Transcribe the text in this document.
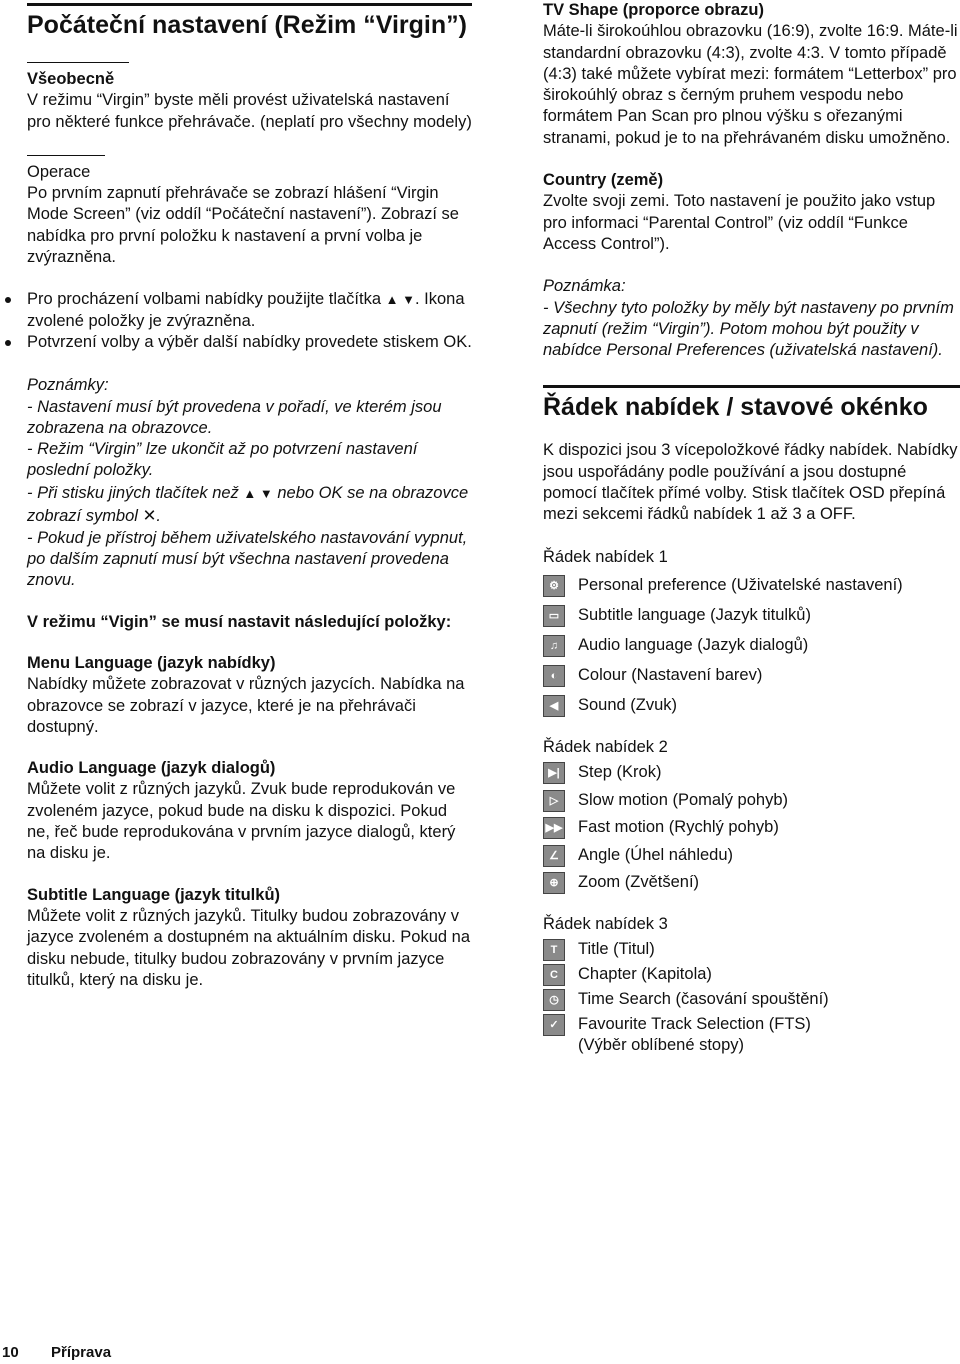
Počáteční nastavení (Režim “Virgin”)

Všeobecně

V režimu “Virgin” byste měli provést uživatelská nastavení pro některé funkce přehrávače. (neplatí pro všechny modely)

Operace

Po prvním zapnutí přehrávače se zobrazí hlášení “Virgin Mode Screen” (viz oddíl “Počáteční nastavení”). Zobrazí se nabídka pro první položku k nastavení a první volba je zvýrazněna.

Pro procházení volbami nabídky použijte tlačítka ▲ ▼. Ikona zvolené položky je zvýrazněna.

Potvrzení volby a výběr další nabídky provedete stiskem OK.

Poznámky:

- Nastavení musí být provedena v pořadí, ve kterém jsou zobrazena na obrazovce.

- Režim “Virgin” lze ukončit až po potvrzení nastavení poslední položky.

- Při stisku jiných tlačítek než ▲ ▼ nebo OK se na obrazovce zobrazí symbol ✕.

- Pokud je přístroj během uživatelského nastavování vypnut, po dalším zapnutí musí být všechna nastavení provedena znovu.

V režimu “Vigin” se musí nastavit následující položky:

Menu Language (jazyk nabídky)

Nabídky můžete zobrazovat v různých jazycích. Nabídka na obrazovce se zobrazí v jazyce, které je na přehrávači dostupný.

Audio Language (jazyk dialogů)

Můžete volit z různých jazyků. Zvuk bude reprodukován ve zvoleném jazyce, pokud bude na disku k dispozici. Pokud ne, řeč bude reprodukována v prvním jazyce dialogů, který na disku je.

Subtitle Language (jazyk titulků)

Můžete volit z různých jazyků. Titulky budou zobrazovány v jazyce zvoleném a dostupném na aktuálním disku. Pokud na disku nebude, titulky budou zobrazovány v prvním jazyce titulků, který na disku je.

TV Shape (proporce obrazu)

Máte-li širokoúhlou obrazovku (16:9), zvolte 16:9. Máte-li standardní obrazovku (4:3), zvolte 4:3. V tomto případě (4:3) také můžete vybírat mezi: formátem “Letterbox” pro širokoúhlý obraz s černým pruhem vespodu nebo formátem Pan Scan pro plnou výšku s ořezanými stranami, pokud je to na přehrávaném disku umožněno.

Country (země)

Zvolte svoji zemi. Toto nastavení je použito jako vstup pro informaci “Parental Control” (viz oddíl “Funkce Access Control”).

Poznámka:

- Všechny tyto položky by měly být nastaveny po prvním zapnutí (režim “Virgin”). Potom mohou být použity v nabídce Personal Preferences (uživatelská nastavení).

Řádek nabídek / stavové okénko

K dispozici jsou 3 vícepoložkové řádky nabídek. Nabídky jsou uspořádány podle používání a jsou dostupné pomocí tlačítek přímé volby. Stisk tlačítek OSD přepíná mezi sekcemi řádků nabídek 1 až 3 a OFF.

Řádek nabídek 1

⚙	Personal preference (Uživatelské nastavení)
▭	Subtitle language (Jazyk titulků)
♫	Audio language (Jazyk dialogů)
◐	Colour (Nastavení barev)
◀	Sound (Zvuk)

Řádek nabídek 2

▶|	Step (Krok)
▷	Slow motion (Pomalý pohyb)
▶▶ Fast motion (Rychlý pohyb)
∠	Angle (Úhel náhledu)
⊕	Zoom (Zvětšení)

Řádek nabídek 3

T	Title (Titul)
C	Chapter (Kapitola)
◷	Time Search (časování spouštění)
✓	Favourite Track Selection (FTS)
(Výběr oblíbené stopy)
10 Příprava
